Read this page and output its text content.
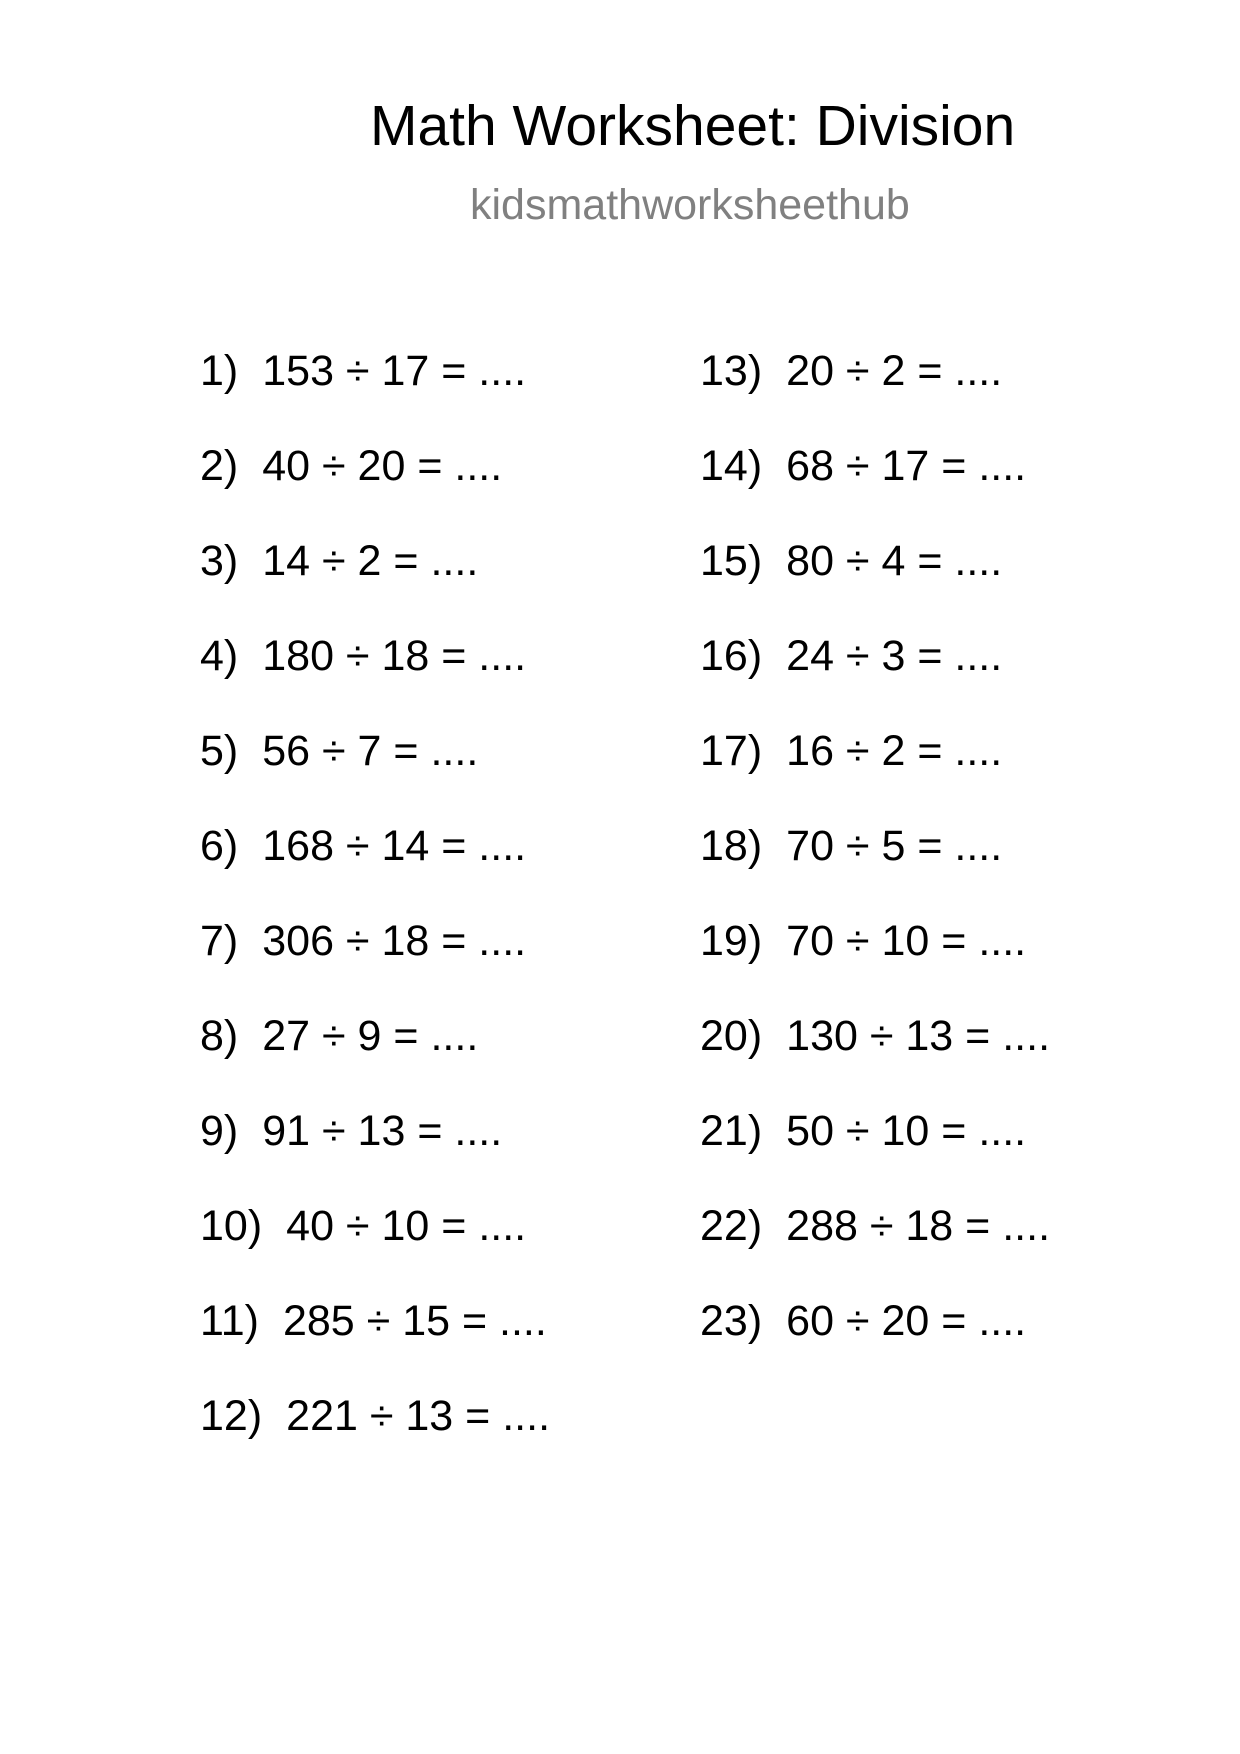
Math Worksheet: Division
kidsmathworksheethub
1) 153 ÷ 17 = ....
2) 40 ÷ 20 = ....
3) 14 ÷ 2 = ....
4) 180 ÷ 18 = ....
5) 56 ÷ 7 = ....
6) 168 ÷ 14 = ....
7) 306 ÷ 18 = ....
8) 27 ÷ 9 = ....
9) 91 ÷ 13 = ....
10) 40 ÷ 10 = ....
11) 285 ÷ 15 = ....
12) 221 ÷ 13 = ....
13) 20 ÷ 2 = ....
14) 68 ÷ 17 = ....
15) 80 ÷ 4 = ....
16) 24 ÷ 3 = ....
17) 16 ÷ 2 = ....
18) 70 ÷ 5 = ....
19) 70 ÷ 10 = ....
20) 130 ÷ 13 = ....
21) 50 ÷ 10 = ....
22) 288 ÷ 18 = ....
23) 60 ÷ 20 = ....
